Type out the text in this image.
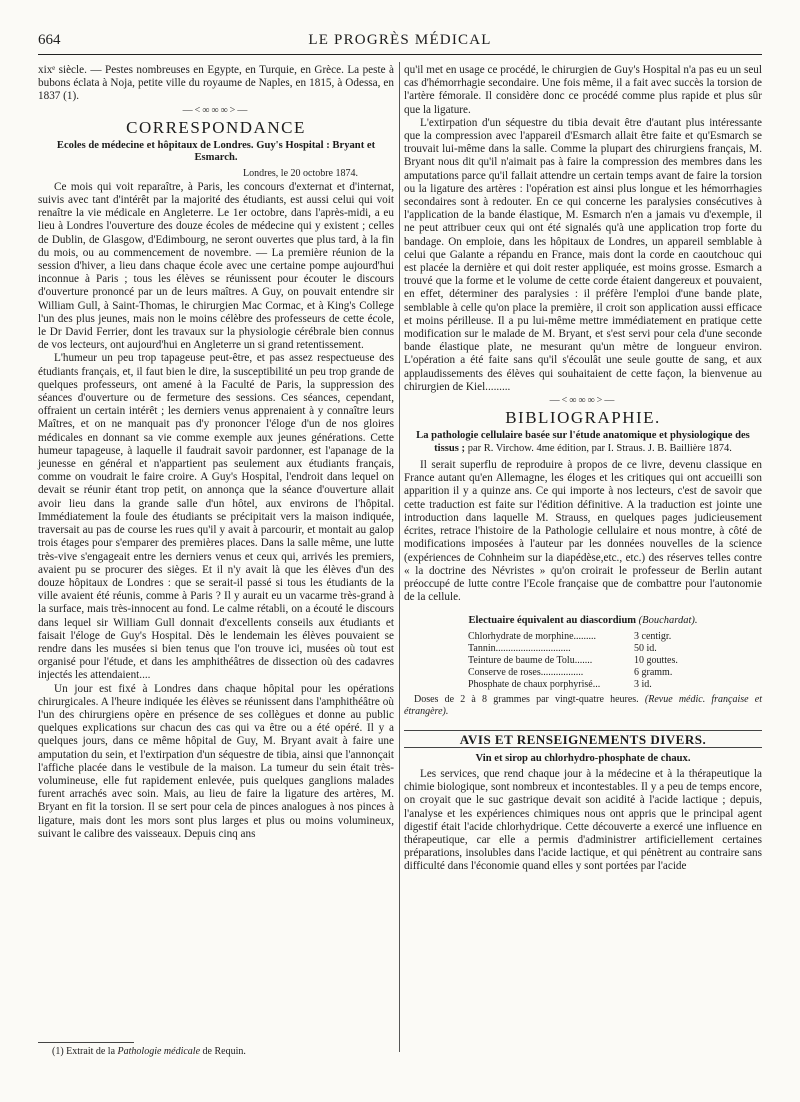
664	LE PROGRÈS MÉDICAL

xixᵉ siècle. — Pestes nombreuses en Egypte, en Turquie, en Grèce. La peste à bubons éclata à Noja, petite ville du royaume de Naples, en 1815, à Odessa, en 1837 (1).

—<∞∞∞>—
CORRESPONDANCE
Ecoles de médecine et hôpitaux de Londres. Guy's Hospital : Bryant et Esmarch.
Londres, le 20 octobre 1874.

Ce mois qui voit reparaître, à Paris, les concours d'externat et d'internat, suivis avec tant d'intérêt par la majorité des étudiants, est aussi celui qui voit renaître la vie médicale en Angleterre. Le 1er octobre, dans l'après-midi, a eu lieu à Londres l'ouverture des douze écoles de médecine qui y existent ; celles de Dublin, de Glasgow, d'Edimbourg, ne seront ouvertes que plus tard, à la fin du mois, ou au commencement de novembre. — La première réunion de la session d'hiver, a lieu dans chaque école avec une certaine pompe aujourd'hui inconnue à Paris ; tous les élèves se réunissent pour écouter le discours d'ouverture prononcé par un de leurs maîtres. A Guy, on pouvait entendre sir William Gull, à Saint-Thomas, le chirurgien Mac Cormac, et à King's College l'un des plus jeunes, mais non le moins célèbre des professeurs de cette école, le Dr David Ferrier, dont les travaux sur la physiologie cérébrale bien connus de vos lecteurs, ont aujourd'hui en Angleterre un si grand retentissement.

L'humeur un peu trop tapageuse peut-être, et pas assez respectueuse des étudiants français, et, il faut bien le dire, la susceptibilité un peu trop grande de quelques professeurs, ont amené à la Faculté de Paris, la suppression des séances d'ouverture ou de fermeture des sessions. Ces séances, cependant, offraient un certain intérêt ; les derniers venus apprenaient à y connaître leurs Maîtres, et on ne manquait pas d'y prononcer l'éloge d'un de nos gloires médicales en donnant sa vie comme exemple aux jeunes générations. Cette humeur tapageuse, à laquelle il faudrait savoir pardonner, est l'apanage de la jeunesse en général et n'appartient pas seulement aux étudiants français, comme on voudrait le faire croire. A Guy's Hospital, l'endroit dans lequel on devait se réunir étant trop petit, on annonça que la séance d'ouverture allait avoir lieu dans la grande salle d'un hôtel, aux environs de l'hôpital. Immédiatement la foule des étudiants se précipitait vers la maison indiquée, traversait au pas de course les rues qu'il y avait à parcourir, et montait au galop trois étages pour s'emparer des premières places. Dans la salle même, une lutte très-vive s'engageait entre les derniers venus et ceux qui, arrivés les premiers, avaient pu se procurer des sièges. Et il n'y avait là que les élèves d'un des douze hôpitaux de Londres : que se serait-il passé si tous les étudiants de la ville avaient été réunis, comme à Paris ? Il y aurait eu un vacarme très-grand à la surface, mais très-innocent au fond. Le calme rétabli, on a écouté le discours dans lequel sir William Gull donnait d'excellents conseils aux étudiants et faisait l'éloge de Guy's Hospital. Dès le lendemain les élèves pouvaient se rendre dans les musées si bien tenus que l'on trouve ici, musées où tout est organisé pour l'étude, et dans les amphithéâtres de dissection où des cadavres injectés les attendaient....

Un jour est fixé à Londres dans chaque hôpital pour les opérations chirurgicales. A l'heure indiquée les élèves se réunissent dans l'amphithéâtre où l'un des chirurgiens opère en présence de ses collègues et donne au public quelques explications sur chacun des cas qui va être ou a été opéré. Il y a quelques jours, dans ce même hôpital de Guy, M. Bryant avait à faire une amputation du sein, et l'extirpation d'un séquestre de tibia, ainsi que l'annonçait l'affiche placée dans le vestibule de la maison. La tumeur du sein était très-volumineuse, elle fut rapidement enlevée, puis quelques ganglions malades furent arrachés avec soin. Mais, au lieu de faire la ligature des artères, M. Bryant en fit la torsion. Il se sert pour cela de pinces analogues à nos pinces à ligature, mais dont les mors sont plus larges et plus ou moins volumineux, suivant le calibre des vaisseaux. Depuis cinq ans

qu'il met en usage ce procédé, le chirurgien de Guy's Hospital n'a pas eu un seul cas d'hémorrhagie secondaire. Une fois même, il a fait avec succès la torsion de l'artère fémorale. Il considère donc ce procédé comme plus rapide et plus sûr que la ligature.

L'extirpation d'un séquestre du tibia devait être d'autant plus intéressante que la compression avec l'appareil d'Esmarch allait être faite et qu'Esmarch se trouvait lui-même dans la salle. Comme la plupart des chirurgiens français, M. Bryant nous dit qu'il n'aimait pas à faire la compression des membres dans les amputations parce qu'il fallait attendre un certain temps avant de faire la torsion ou la ligature des artères : l'opération est ainsi plus longue et les hémorrhagies secondaires sont à redouter. En ce qui concerne les paralysies consécutives à l'application de la bande élastique, M. Esmarch n'en a jamais vu d'exemple, il ne peut attribuer ceux qui ont été signalés qu'à une application trop forte du bandage. On emploie, dans les hôpitaux de Londres, un appareil semblable à celui que Galante a répandu en France, mais dont la corde en caoutchouc qui est placée la dernière et qui doit rester appliquée, est moins grosse. Esmarch a trouvé que la forme et le volume de cette corde étaient dangereux et pouvaient, en effet, déterminer des paralysies : il préfère l'emploi d'une bande plate, semblable à celle qu'on place la première, il croit son application aussi efficace et moins périlleuse. Il a pu lui-même mettre immédiatement en pratique cette modification sur le malade de M. Bryant, et s'est servi pour cela d'une seconde bande élastique plate, ne mesurant qu'un mètre de longueur environ. L'opération a été faite sans qu'il s'écoulât une seule goutte de sang, et aux applaudissements des élèves qui souhaitaient de cette façon, la bienvenue au chirurgien de Kiel.........

—<∞∞∞>—
BIBLIOGRAPHIE.
La pathologie cellulaire basée sur l'étude anatomique et physiologique des tissus ; par R. Virchow. 4me édition, par I. Straus. J. B. Baillière 1874.

Il serait superflu de reproduire à propos de ce livre, devenu classique en France autant qu'en Allemagne, les éloges et les critiques qui ont accueilli son apparition il y a quinze ans. Ce qui importe à nos lecteurs, c'est de savoir que cette traduction est faite sur l'édition définitive. A la traduction est jointe une introduction dans laquelle M. Strauss, en quelques pages judicieusement écrites, retrace l'histoire de la Pathologie cellulaire et nous montre, à côté de modifications imposées à l'auteur par les données nouvelles de la science (expériences de Cohnheim sur la diapédèse,etc., etc.) des réserves telles contre « la doctrine des Névristes » qu'on croirait le professeur de Berlin autant préoccupé de lutte contre l'Ecole française que de combattre pour l'autonomie de la cellule.

Electuaire équivalent au diascordium (Bouchardat).
Chlorhydrate de morphine.........	3 centigr.
Tannin..............................	50 id.
Teinture de baume de Tolu.......	10 gouttes.
Conserve de roses.................	6 gramm.
Phosphate de chaux porphyrisé...	3 id.

Doses de 2 à 8 grammes par vingt-quatre heures. (Revue médic. française et étrangère).

AVIS ET RENSEIGNEMENTS DIVERS.
Vin et sirop au chlorhydro-phosphate de chaux.

Les services, que rend chaque jour à la médecine et à la thérapeutique la chimie biologique, sont nombreux et incontestables. Il y a peu de temps encore, on croyait que le suc gastrique devait son acidité à l'acide lactique ; depuis, l'analyse et les expériences chimiques nous ont appris que le principal agent digestif était l'acide chlorhydrique. Cette découverte a exercé une influence en thérapeutique, car elle a permis d'administrer artificiellement certaines préparations, insolubles dans l'acide lactique, et qui pénètrent au contraire sans difficulté dans l'économie quand elles y sont portées par l'acide

(1) Extrait de la Pathologie médicale de Requin.
